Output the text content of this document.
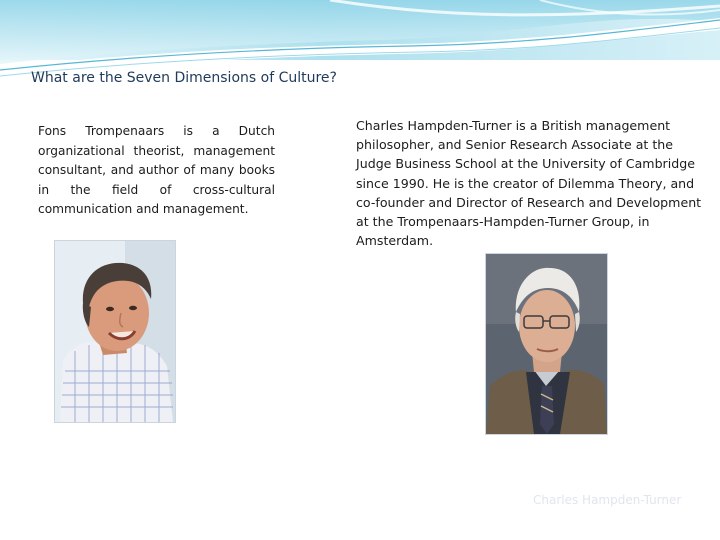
What are the Seven Dimensions of Culture?
Fons Trompenaars is a Dutch organizational theorist, management consultant, and author of many books in the field of cross-cultural communication and management.
Charles Hampden-Turner is a British management philosopher, and Senior Research Associate at the Judge Business School at the University of Cambridge since 1990. He is the creator of Dilemma Theory, and co-founder and Director of Research and Development at the Trompenaars-Hampden-Turner Group, in Amsterdam.
Charles Hampden-Turner
